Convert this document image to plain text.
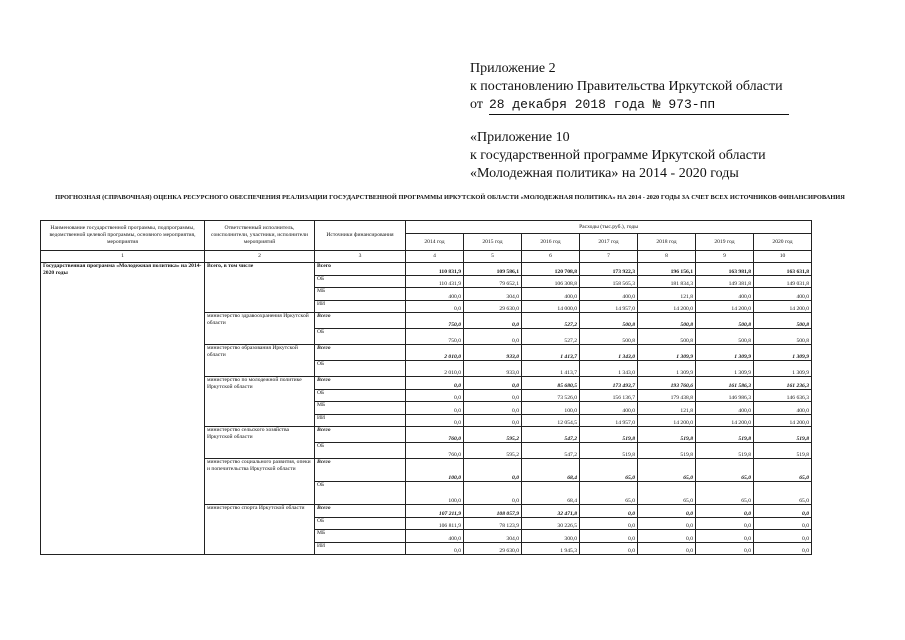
Приложение 2
к постановлению Правительства Иркутской области
от 28 декабря 2018 года № 973-пп
«Приложение 10
к государственной программе Иркутской области
«Молодежная политика» на 2014 - 2020 годы
ПРОГНОЗНАЯ (СПРАВОЧНАЯ) ОЦЕНКА РЕСУРСНОГО ОБЕСПЕЧЕНИЯ РЕАЛИЗАЦИИ ГОСУДАРСТВЕННОЙ ПРОГРАММЫ ИРКУТСКОЙ ОБЛАСТИ «МОЛОДЕЖНАЯ ПОЛИТИКА» НА 2014 - 2020 ГОДЫ ЗА СЧЕТ ВСЕХ ИСТОЧНИКОВ ФИНАНСИРОВАНИЯ
Наименование государственной программы, подпрограммы, ведомственной целевой программы, основного мероприятия, мероприятия	Ответственный исполнитель, соисполнители, участники, исполнители мероприятий	Источники финансирования	Расходы (тыс.руб.), годы						
			2014 год	2015 год	2016 год	2017 год	2018 год	2019 год	2020 год
1	2	3	4	5	6	7	8	9	10
Государственная программа «Молодежная политика» на 2014-2020 годы	Всего, в том числе	Всего	110 831,9	109 586,1	120 708,8	173 922,3	196 156,1	163 981,8	163 631,8
		ОБ	110 431,9	79 652,1	106 308,8	158 565,3	181 834,3	149 381,8	149 031,8
		МБ	400,0	304,0	400,0	400,0	121,8	400,0	400,0
		ИИ	0,0	29 630,0	14 000,0	14 957,0	14 200,0	14 200,0	14 200,0
	министерство здравоохранения Иркутской области	Всего	750,0	0,0	527,2	500,8	500,8	500,8	500,8
		ОБ	750,0	0,0	527,2	500,8	500,8	500,8	500,8
	министерство образования Иркутской области	Всего	2 010,0	933,0	1 413,7	1 343,0	1 309,9	1 309,9	1 309,9
		ОБ	2 010,0	933,0	1 413,7	1 343,0	1 309,9	1 309,9	1 309,9
	министерство по молодежной политике Иркутской области	Всего	0,0	0,0	85 680,5	173 493,7	193 760,6	161 586,3	161 236,3
		ОБ	0,0	0,0	73 526,0	156 136,7	179 438,8	146 986,3	146 636,3
		МБ	0,0	0,0	100,0	400,0	121,8	400,0	400,0
		ИИ	0,0	0,0	12 054,5	14 957,0	14 200,0	14 200,0	14 200,0
	министерство сельского хозяйства Иркутской области	Всего	760,0	595,2	547,2	519,8	519,8	519,8	519,8
		ОБ	760,0	595,2	547,2	519,8	519,8	519,8	519,8
	министерство социального развития, опеки и попечительства Иркутской области	Всего	100,0	0,0	68,4	65,0	65,0	65,0	65,0
		ОБ	100,0	0,0	68,4	65,0	65,0	65,0	65,0
	министерство спорта Иркутской области	Всего	107 211,9	108 057,9	32 471,8	0,0	0,0	0,0	0,0
		ОБ	106 811,9	78 123,9	30 226,5	0,0	0,0	0,0	0,0
		МБ	400,0	304,0	300,0	0,0	0,0	0,0	0,0
		ИИ	0,0	29 630,0	1 945,3	0,0	0,0	0,0	0,0
